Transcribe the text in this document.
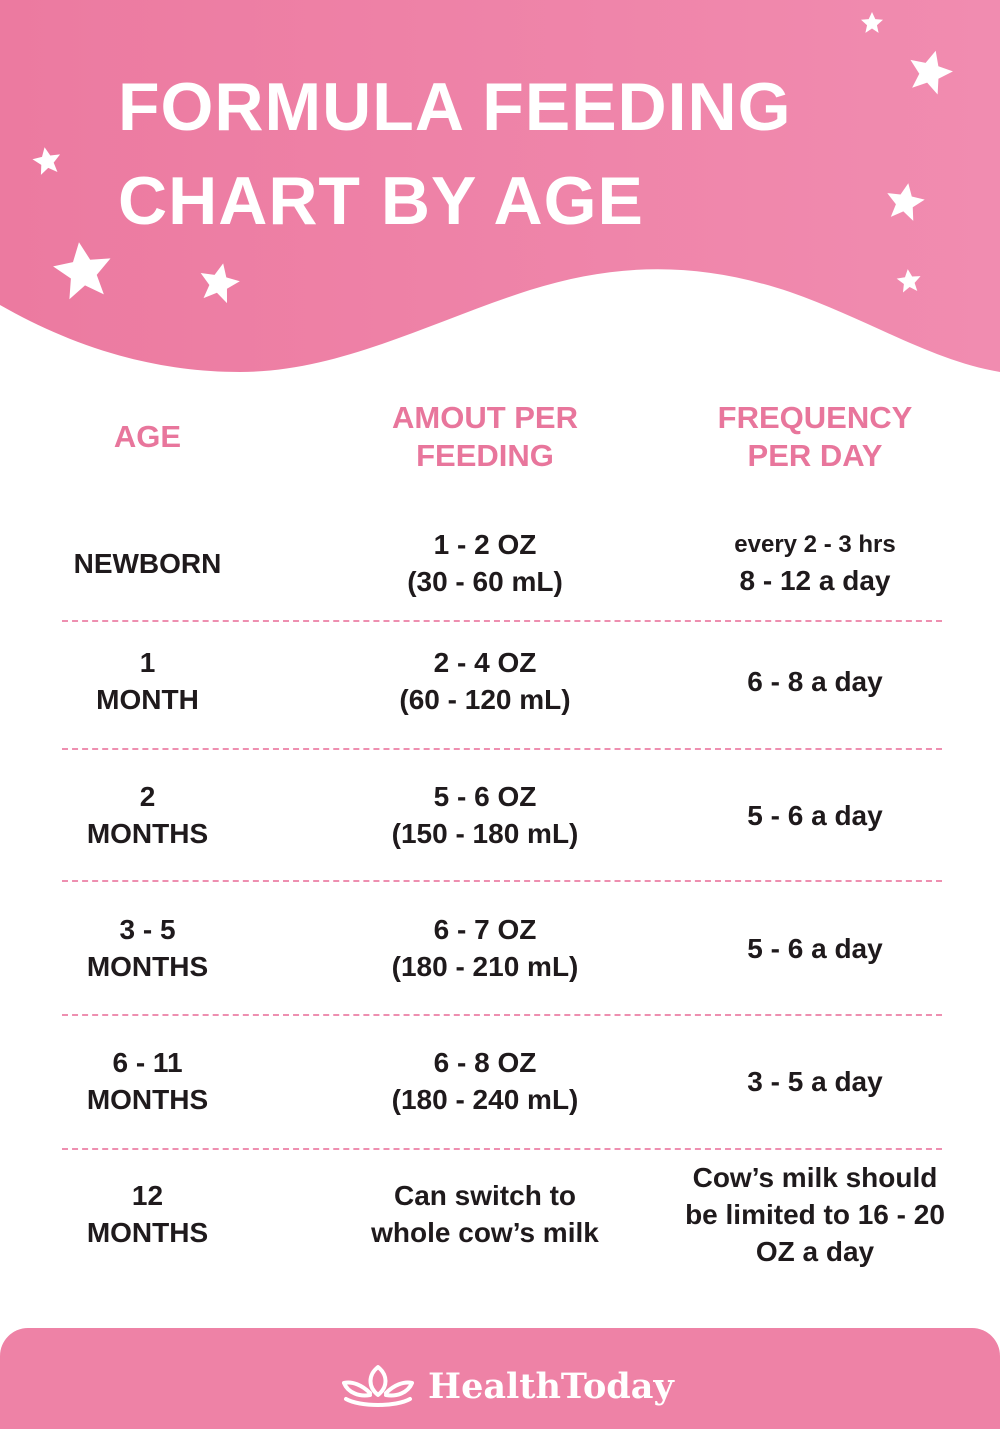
FORMULA FEEDING
CHART BY AGE
AGE
AMOUT PER
FEEDING
FREQUENCY
PER DAY
NEWBORN
1 - 2 OZ
(30 - 60 mL)
every 2 - 3 hrs
8 - 12 a day
1
MONTH
2 - 4 OZ
(60 - 120 mL)
6 - 8 a day
2
MONTHS
5 - 6 OZ
(150 - 180 mL)
5 - 6 a day
3 - 5
MONTHS
6 - 7 OZ
(180 - 210 mL)
5 - 6 a day
6 - 11
MONTHS
6 - 8 OZ
(180 - 240 mL)
3 - 5 a day
12
MONTHS
Can switch to
whole cow’s milk
Cow’s milk should
be limited to 16 - 20
OZ a day
HealthToday
